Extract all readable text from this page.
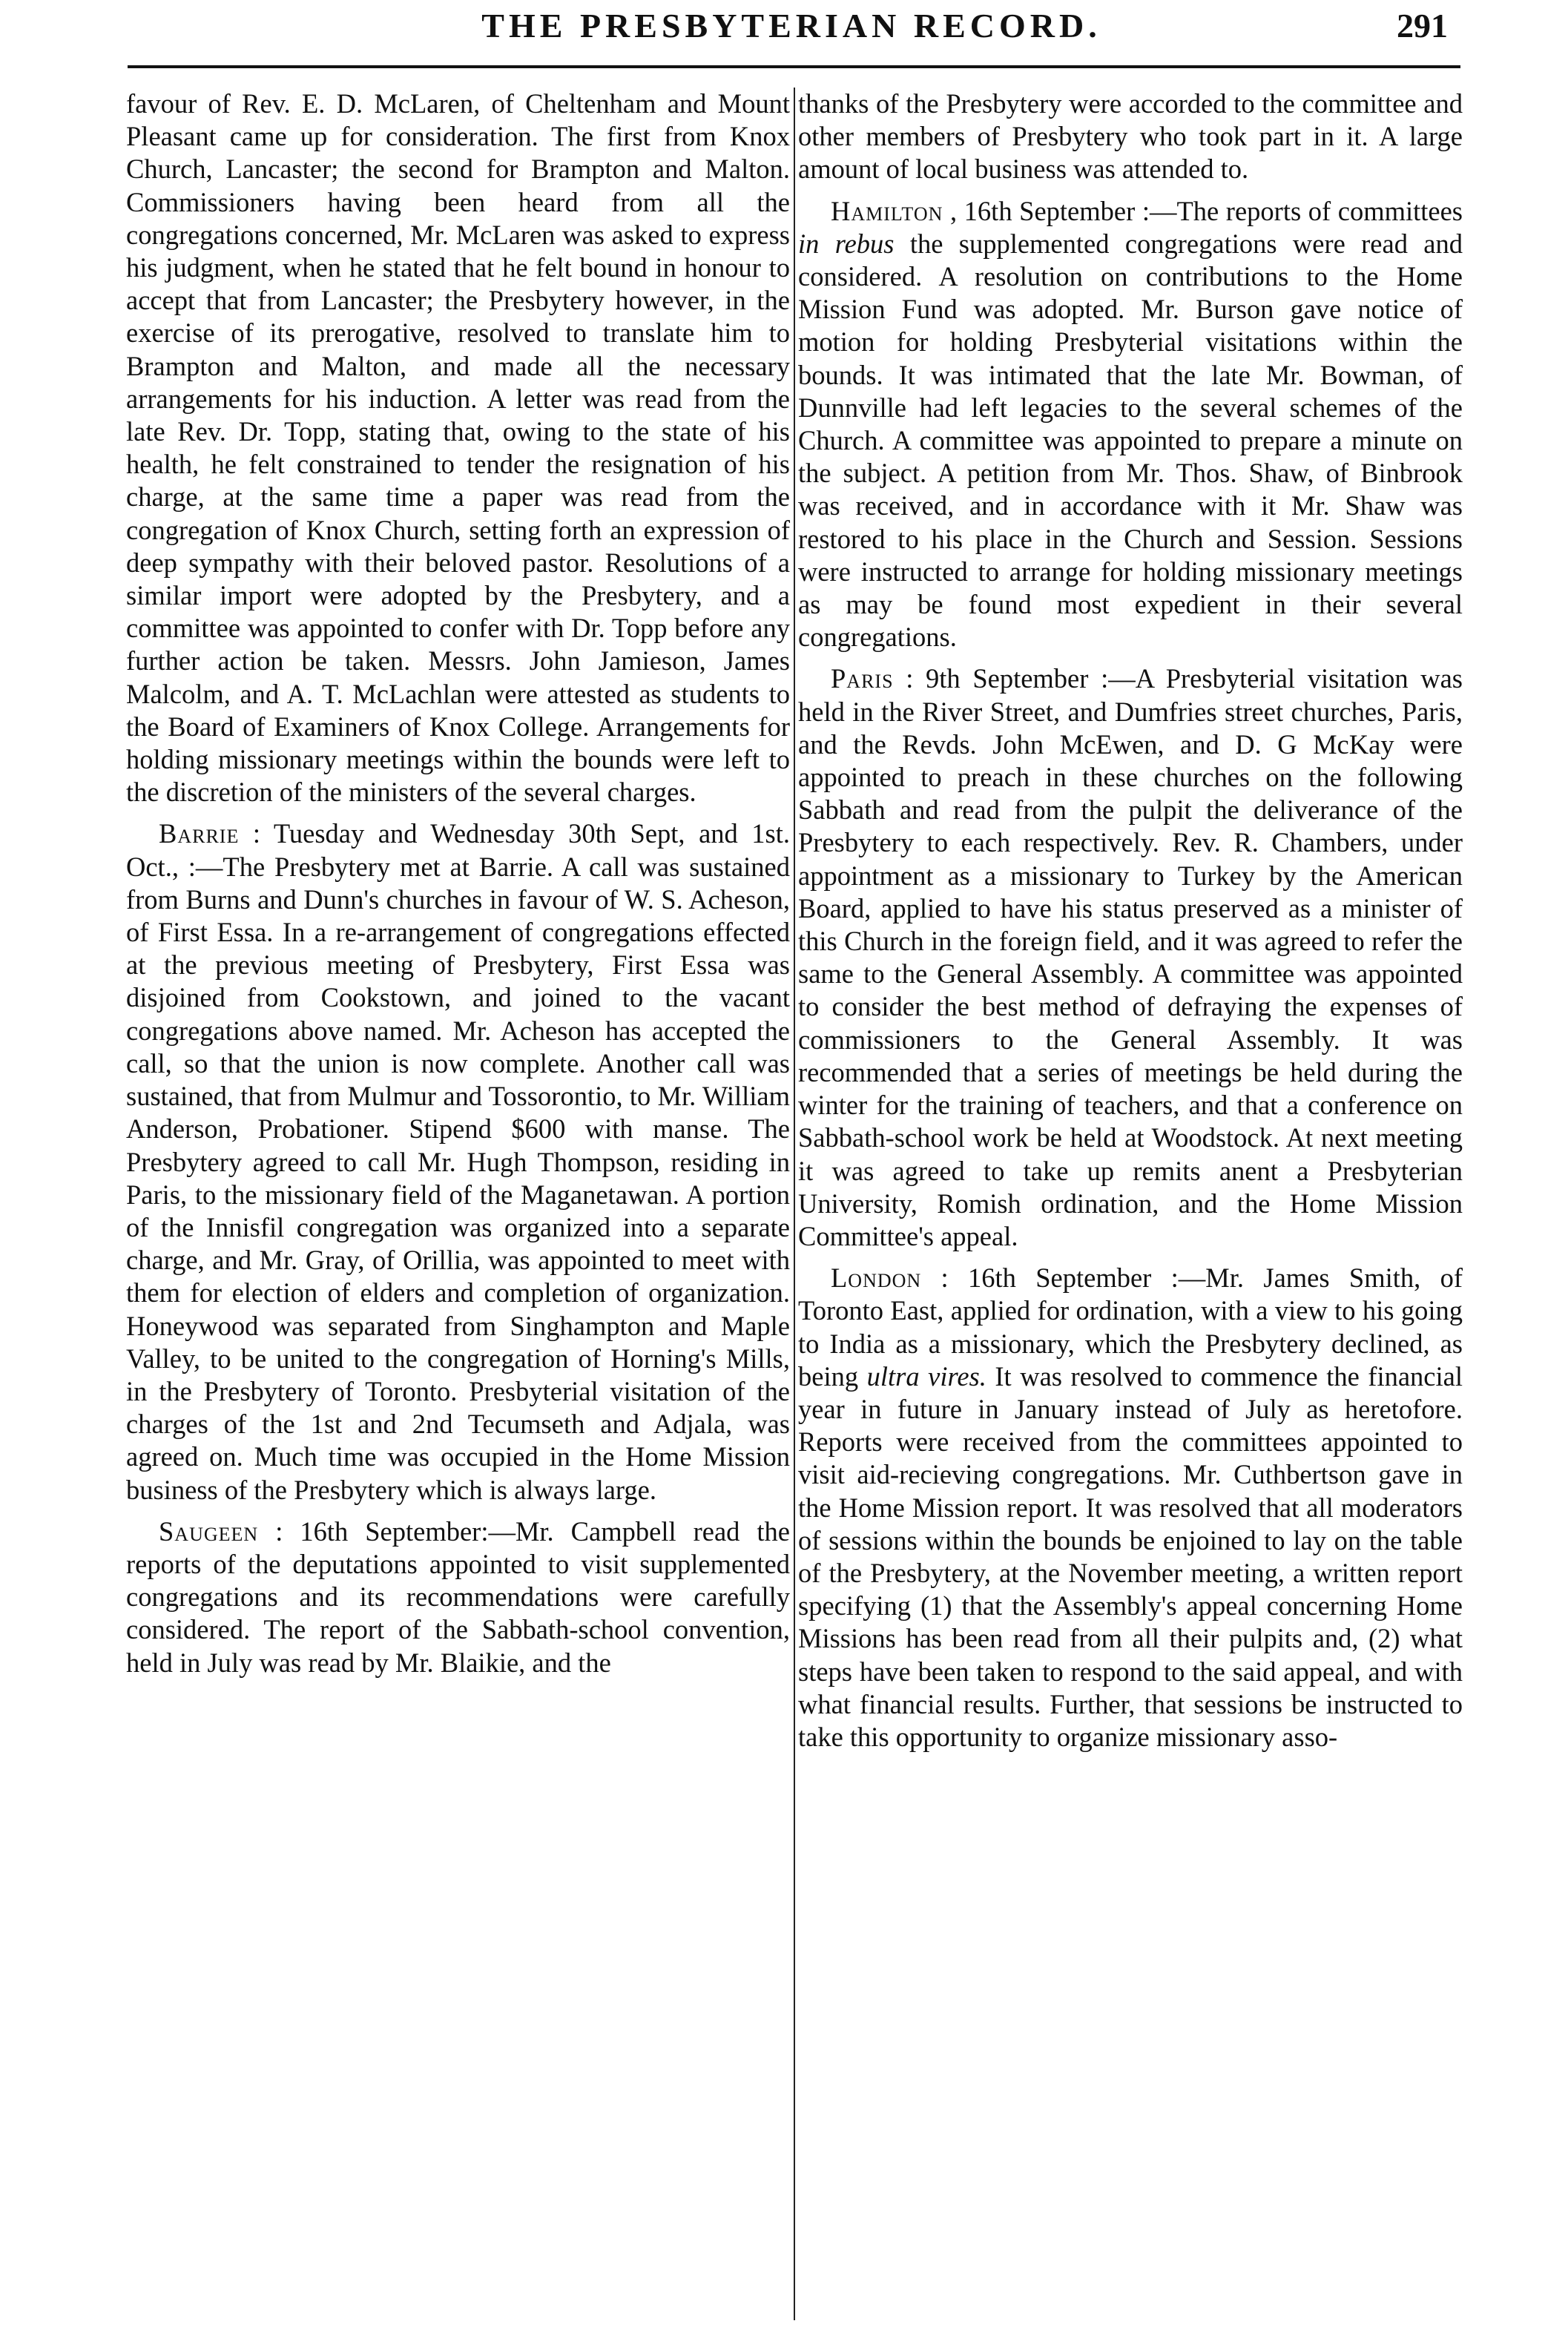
THE PRESBYTERIAN RECORD.	291

favour of Rev. E. D. McLaren, of Cheltenham and Mount Pleasant came up for consideration. The first from Knox Church, Lancaster; the second for Brampton and Malton. Commissioners having been heard from all the congregations concerned, Mr. McLaren was asked to express his judgment, when he stated that he felt bound in honour to accept that from Lancaster; the Presbytery however, in the exercise of its prerogative, resolved to translate him to Brampton and Malton, and made all the necessary arrangements for his induction. A letter was read from the late Rev. Dr. Topp, stating that, owing to the state of his health, he felt constrained to tender the resignation of his charge, at the same time a paper was read from the congregation of Knox Church, setting forth an expression of deep sympathy with their beloved pastor. Resolutions of a similar import were adopted by the Presbytery, and a committee was appointed to confer with Dr. Topp before any further action be taken. Messrs. John Jamieson, James Malcolm, and A. T. McLachlan were attested as students to the Board of Examiners of Knox College. Arrangements for holding missionary meetings within the bounds were left to the discretion of the ministers of the several charges.

Barrie : Tuesday and Wednesday 30th Sept, and 1st. Oct., :—The Presbytery met at Barrie. A call was sustained from Burns and Dunn's churches in favour of W. S. Acheson, of First Essa. In a re-arrangement of congregations effected at the previous meeting of Presbytery, First Essa was disjoined from Cookstown, and joined to the vacant congregations above named. Mr. Acheson has accepted the call, so that the union is now complete. Another call was sustained, that from Mulmur and Tossorontio, to Mr. William Anderson, Probationer. Stipend $600 with manse. The Presbytery agreed to call Mr. Hugh Thompson, residing in Paris, to the missionary field of the Maganetawan. A portion of the Innisfil congregation was organized into a separate charge, and Mr. Gray, of Orillia, was appointed to meet with them for election of elders and completion of organization. Honeywood was separated from Singhampton and Maple Valley, to be united to the congregation of Horning's Mills, in the Presbytery of Toronto. Presbyterial visitation of the charges of the 1st and 2nd Tecumseth and Adjala, was agreed on. Much time was occupied in the Home Mission business of the Presbytery which is always large.

Saugeen : 16th September:—Mr. Campbell read the reports of the deputations appointed to visit supplemented congregations and its recommendations were carefully considered. The report of the Sabbath-school convention, held in July was read by Mr. Blaikie, and the

thanks of the Presbytery were accorded to the committee and other members of Presbytery who took part in it. A large amount of local business was attended to.

Hamilton , 16th September :—The reports of committees in rebus the supplemented congregations were read and considered. A resolution on contributions to the Home Mission Fund was adopted. Mr. Burson gave notice of motion for holding Presbyterial visitations within the bounds. It was intimated that the late Mr. Bowman, of Dunnville had left legacies to the several schemes of the Church. A committee was appointed to prepare a minute on the subject. A petition from Mr. Thos. Shaw, of Binbrook was received, and in accordance with it Mr. Shaw was restored to his place in the Church and Session. Sessions were instructed to arrange for holding missionary meetings as may be found most expedient in their several congregations.

Paris : 9th September :—A Presbyterial visitation was held in the River Street, and Dumfries street churches, Paris, and the Revds. John McEwen, and D. G McKay were appointed to preach in these churches on the following Sabbath and read from the pulpit the deliverance of the Presbytery to each respectively. Rev. R. Chambers, under appointment as a missionary to Turkey by the American Board, applied to have his status preserved as a minister of this Church in the foreign field, and it was agreed to refer the same to the General Assembly. A committee was appointed to consider the best method of defraying the expenses of commissioners to the General Assembly. It was recommended that a series of meetings be held during the winter for the training of teachers, and that a conference on Sabbath-school work be held at Woodstock. At next meeting it was agreed to take up remits anent a Presbyterian University, Romish ordination, and the Home Mission Committee's appeal.

London : 16th September :—Mr. James Smith, of Toronto East, applied for ordination, with a view to his going to India as a missionary, which the Presbytery declined, as being ultra vires. It was resolved to commence the financial year in future in January instead of July as heretofore. Reports were received from the committees appointed to visit aid-recieving congregations. Mr. Cuthbertson gave in the Home Mission report. It was resolved that all moderators of sessions within the bounds be enjoined to lay on the table of the Presbytery, at the November meeting, a written report specifying (1) that the Assembly's appeal concerning Home Missions has been read from all their pulpits and, (2) what steps have been taken to respond to the said appeal, and with what financial results. Further, that sessions be instructed to take this opportunity to organize missionary asso-
